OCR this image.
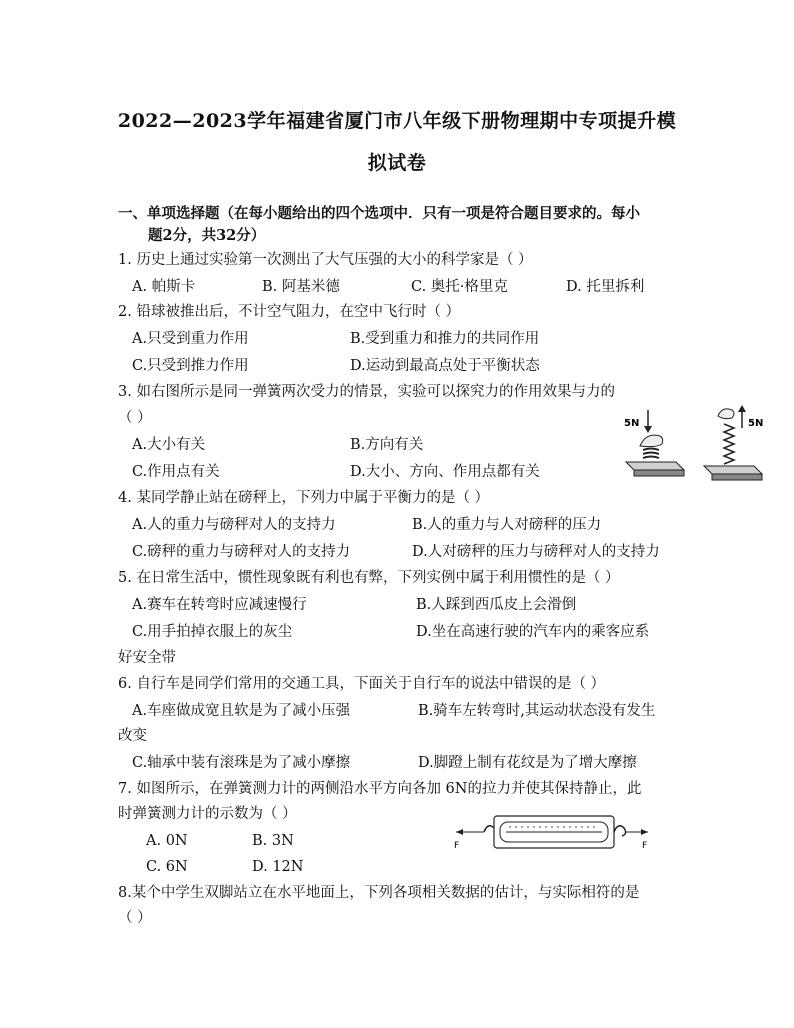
2022—2023学年福建省厦门市八年级下册物理期中专项提升模
拟试卷
一、单项选择题（在每小题给出的四个选项中．只有一项是符合题目要求的。每小
题2分，共32分）
1. 历史上通过实验第一次测出了大气压强的大小的科学家是（ ）
A. 帕斯卡	B. 阿基米德	C. 奥托·格里克	D. 托里拆利
2. 铅球被推出后，不计空气阻力，在空中飞行时（ ）
A.只受到重力作用	B.受到重力和推力的共同作用
C.只受到推力作用	D.运动到最高点处于平衡状态
3. 如右图所示是同一弹簧两次受力的情景，实验可以探究力的作用效果与力的
（ ）
A.大小有关	B.方向有关
C.作用点有关	D.大小、方向、作用点都有关
5N	5N
4. 某同学静止站在磅秤上，下列力中属于平衡力的是（ ）
A.人的重力与磅秤对人的支持力	B.人的重力与人对磅秤的压力
C.磅秤的重力与磅秤对人的支持力	D.人对磅秤的压力与磅秤对人的支持力
5. 在日常生活中，惯性现象既有利也有弊，下列实例中属于利用惯性的是（ ）
A.赛车在转弯时应减速慢行	B.人踩到西瓜皮上会滑倒
C.用手拍掉衣服上的灰尘	D.坐在高速行驶的汽车内的乘客应系
好安全带
6. 自行车是同学们常用的交通工具，下面关于自行车的说法中错误的是（ ）
A.车座做成宽且软是为了减小压强	B.骑车左转弯时,其运动状态没有发生
改变
C.轴承中装有滚珠是为了减小摩擦	D.脚蹬上制有花纹是为了增大摩擦
7. 如图所示，在弹簧测力计的两侧沿水平方向各加 6N的拉力并使其保持静止，此
时弹簧测力计的示数为（ ）
A. 0N	B. 3N
C. 6N	D. 12N
F	F
8.某个中学生双脚站立在水平地面上，下列各项相关数据的估计，与实际相符的是
（ ）
